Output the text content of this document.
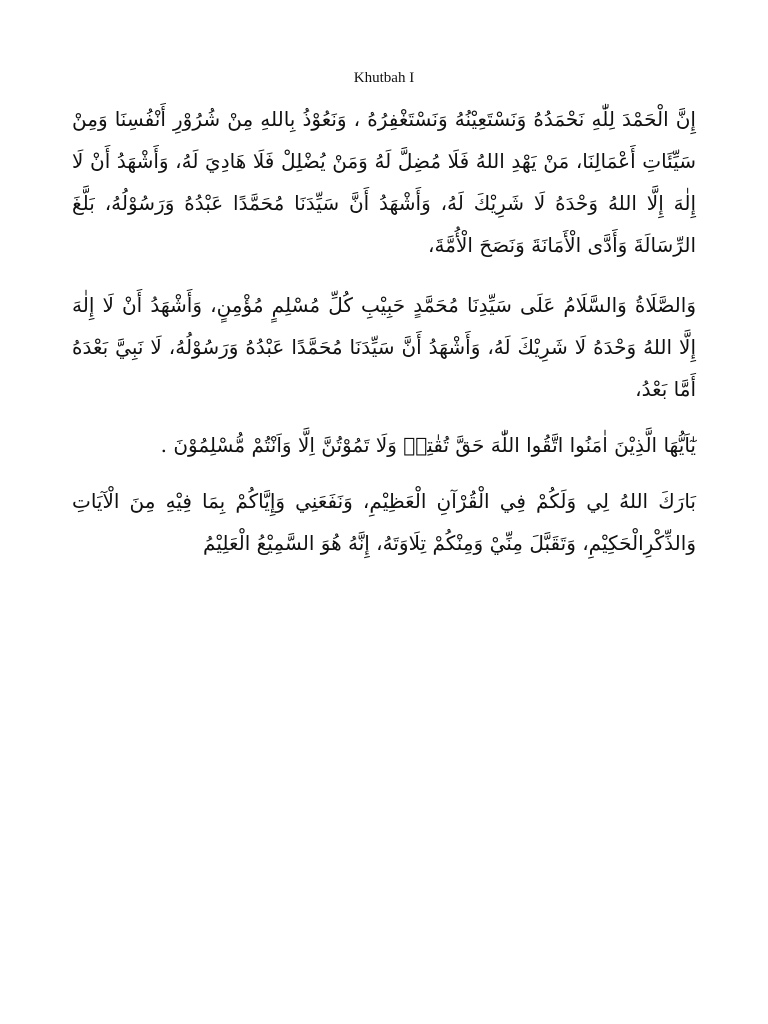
Khutbah I

إِنَّ الْحَمْدَ لِلّٰهِ نَحْمَدُهُ وَنَسْتَعِيْنُهُ وَنَسْتَغْفِرُهُ ، وَنَعُوْذُ بِاللهِ مِنْ شُرُوْرِ أَنْفُسِنَا وَمِنْ سَيِّئَاتِ أَعْمَالِنَا، مَنْ يَهْدِ اللهُ فَلَا مُضِلَّ لَهُ وَمَنْ يُضْلِلْ فَلَا هَادِيَ لَهُ، وَأَشْهَدُ أَنْ لَا إِلٰهَ إِلَّا اللهُ وَحْدَهُ لَا شَرِيْكَ لَهُ، وَأَشْهَدُ أَنَّ سَيِّدَنَا مُحَمَّدًا عَبْدُهُ وَرَسُوْلُهُ، بَلَّغَ الرِّسَالَةَ وَأَدَّى الْأَمَانَةَ وَنَصَحَ الْأُمَّةَ،

وَالصَّلَاةُ وَالسَّلَامُ عَلَى سَيِّدِنَا مُحَمَّدٍ حَبِيْبِ كُلِّ مُسْلِمٍ مُؤْمِنٍ، وَأَشْهَدُ أَنْ لَا إِلٰهَ إِلَّا اللهُ وَحْدَهُ لَا شَرِيْكَ لَهُ، وَأَشْهَدُ أَنَّ سَيِّدَنَا مُحَمَّدًا عَبْدُهُ وَرَسُوْلُهُ، لَا نَبِيَّ بَعْدَهُ أَمَّا بَعْدُ،

يٰٓاَيُّهَا الَّذِيْنَ اٰمَنُوا اتَّقُوا اللّٰهَ حَقَّ تُقٰتِهٖ وَلَا تَمُوْتُنَّ اِلَّا وَاَنْتُمْ مُّسْلِمُوْنَ .

بَارَكَ اللهُ لِي وَلَكُمْ فِي الْقُرْآنِ الْعَظِيْمِ، وَنَفَعَنِي وَإِيَّاكُمْ بِمَا فِيْهِ مِنَ الْآيَاتِ وَالذِّكْرِالْحَكِيْمِ، وَتَقَبَّلَ مِنِّيْ وَمِنْكُمْ تِلَاوَتَهُ، إِنَّهُ هُوَ السَّمِيْعُ الْعَلِيْمُ
